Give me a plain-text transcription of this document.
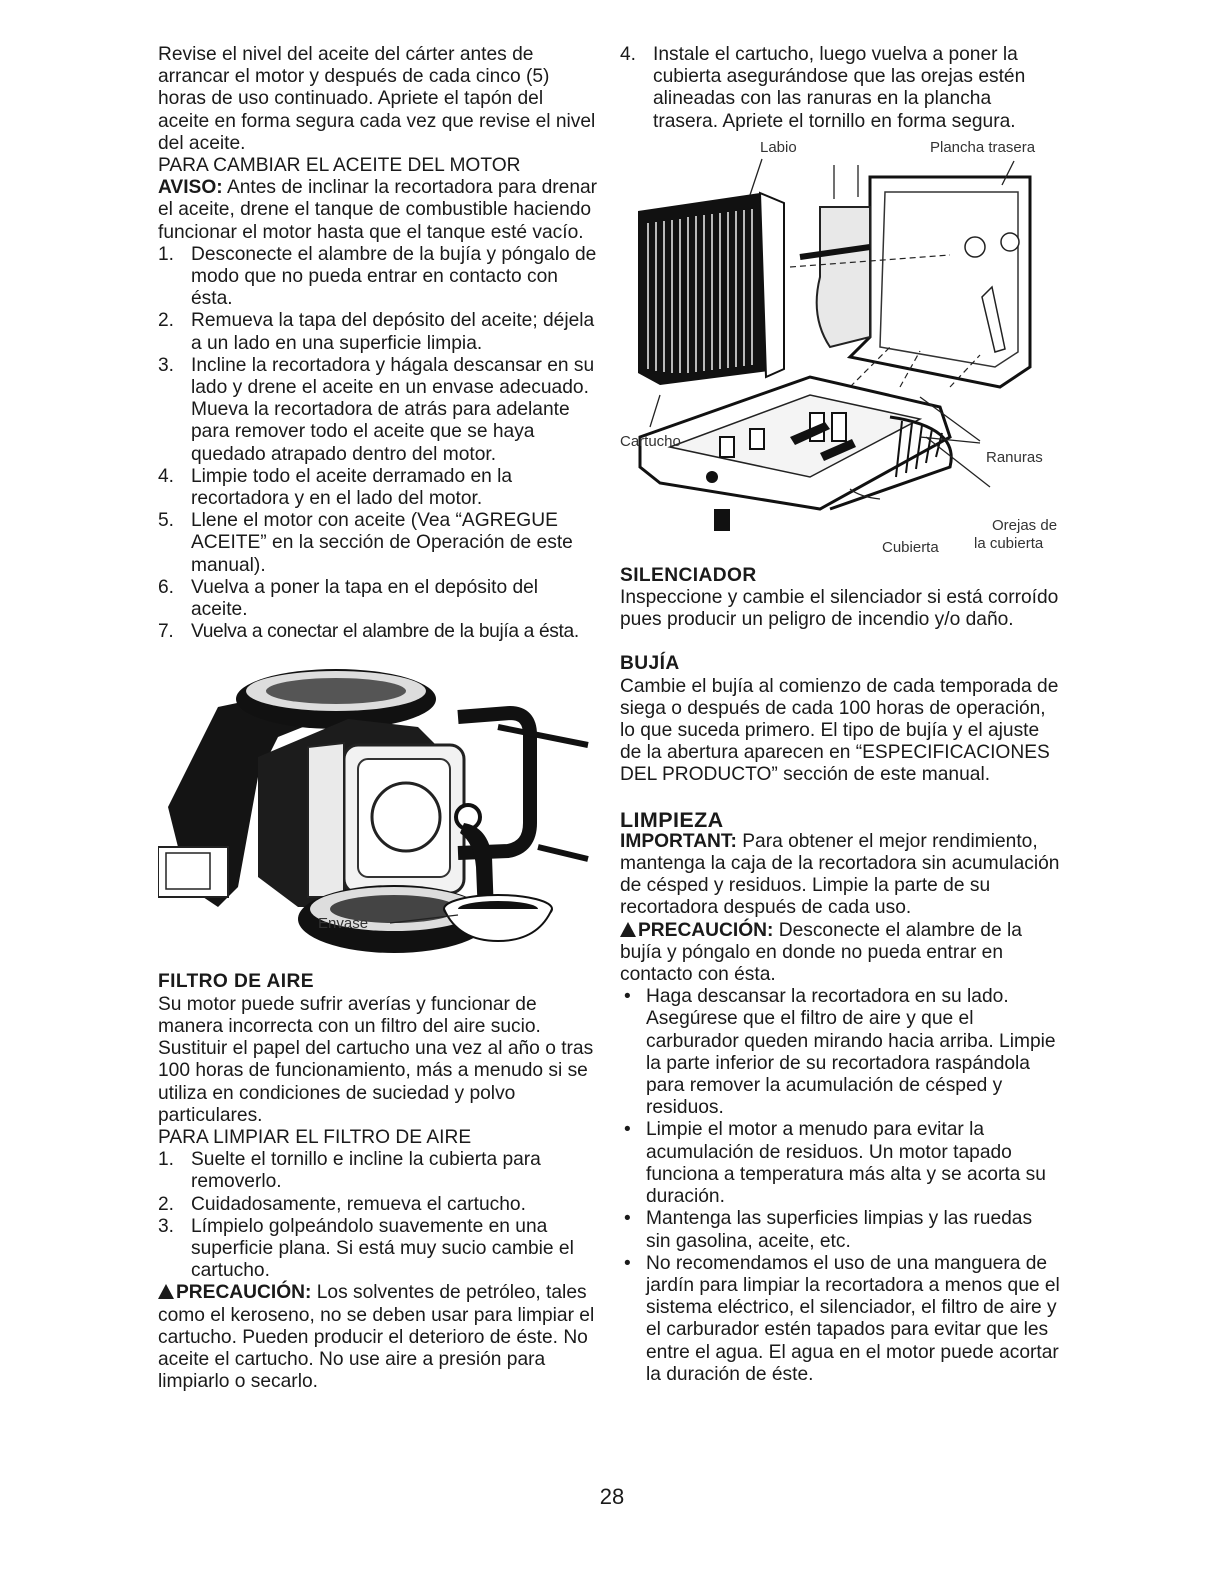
Revise el nivel del aceite del cárter antes de arrancar el motor y después de cada cinco (5) horas de uso continuado. Apriete el tapón del aceite en forma segura cada vez que revise el nivel del aceite.

PARA CAMBIAR EL ACEITE DEL MOTOR

AVISO: Antes de inclinar la recortadora para drenar el aceite, drene el tanque de combustible haciendo funcionar el motor hasta que el tanque esté vacío.

1. Desconecte el alambre de la bujía y póngalo de modo que no pueda entrar en contacto con ésta.
2. Remueva la tapa del depósito del aceite; déjela a un lado en una superficie limpia.
3. Incline la recortadora y hágala descansar en su lado y drene el aceite en un envase adecuado. Mueva la recortadora de atrás para adelante para remover todo el aceite que se haya quedado atrapado dentro del motor.
4. Limpie todo el aceite derramado en la recortadora y en el lado del motor.
5. Llene el motor con aceite (Vea “AGREGUE ACEITE” en la sección de Operación de este manual).
6. Vuelva a poner la tapa en el depósito del aceite.
7. Vuelva a conectar el alambre de la bujía a ésta.
Envase

FILTRO DE AIRE

Su motor puede sufrir averías y funcionar de manera incorrecta con un filtro del aire sucio. Sustituir el papel del cartucho una vez al año o tras 100 horas de funcionamiento, más a menudo si se utiliza en condiciones de suciedad y polvo particulares.

PARA LIMPIAR EL FILTRO DE AIRE

1. Suelte el tornillo e incline la cubierta para removerlo.
2. Cuidadosamente, remueva el cartucho.
3. Límpielo golpeándolo suavemente en una superficie plana. Si está muy sucio cambie el cartucho.

PRECAUCIÓN: Los solventes de petróleo, tales como el keroseno, no se deben usar para limpiar el cartucho. Pueden producir el deterioro de éste. No aceite el cartucho. No use aire a presión para limpiarlo o secarlo.

4. Instale el cartucho, luego vuelva a poner la cubierta asegurándose que las orejas estén alineadas con las ranuras en la plancha trasera. Apriete el tornillo en forma segura.
Labio	Plancha trasera
Cartucho
Ranuras
Orejas de
la cubierta
Cubierta

SILENCIADOR

Inspeccione y cambie el silenciador si está corroído pues producir un peligro de incendio y/o daño.

BUJÍA

Cambie el bujía al comienzo de cada temporada de siega o después de cada 100 horas de operación, lo que suceda primero. El tipo de bujía y el ajuste de la abertura aparecen en “ESPECIFICACIONES DEL PRODUCTO” sección de este manual.

LIMPIEZA

IMPORTANT: Para obtener el mejor rendimiento, mantenga la caja de la recortadora sin acumulación de césped y residuos. Limpie la parte de su recortadora después de cada uso.

PRECAUCIÓN: Desconecte el alambre de la bujía y póngalo en donde no pueda entrar en contacto con ésta.

• Haga descansar la recortadora en su lado. Asegúrese que el filtro de aire y que el carburador queden mirando hacia arriba. Limpie la parte inferior de su recortadora raspándola para remover la acumulación de césped y residuos.
• Limpie el motor a menudo para evitar la acumulación de residuos. Un motor tapado funciona a temperatura más alta y se acorta su duración.
• Mantenga las superficies limpias y las ruedas sin gasolina, aceite, etc.
• No recomendamos el uso de una manguera de jardín para limpiar la recortadora a menos que el sistema eléctrico, el silenciador, el filtro de aire y el carburador estén tapados para evitar que les entre el agua. El agua en el motor puede acortar la duración de éste.
28
